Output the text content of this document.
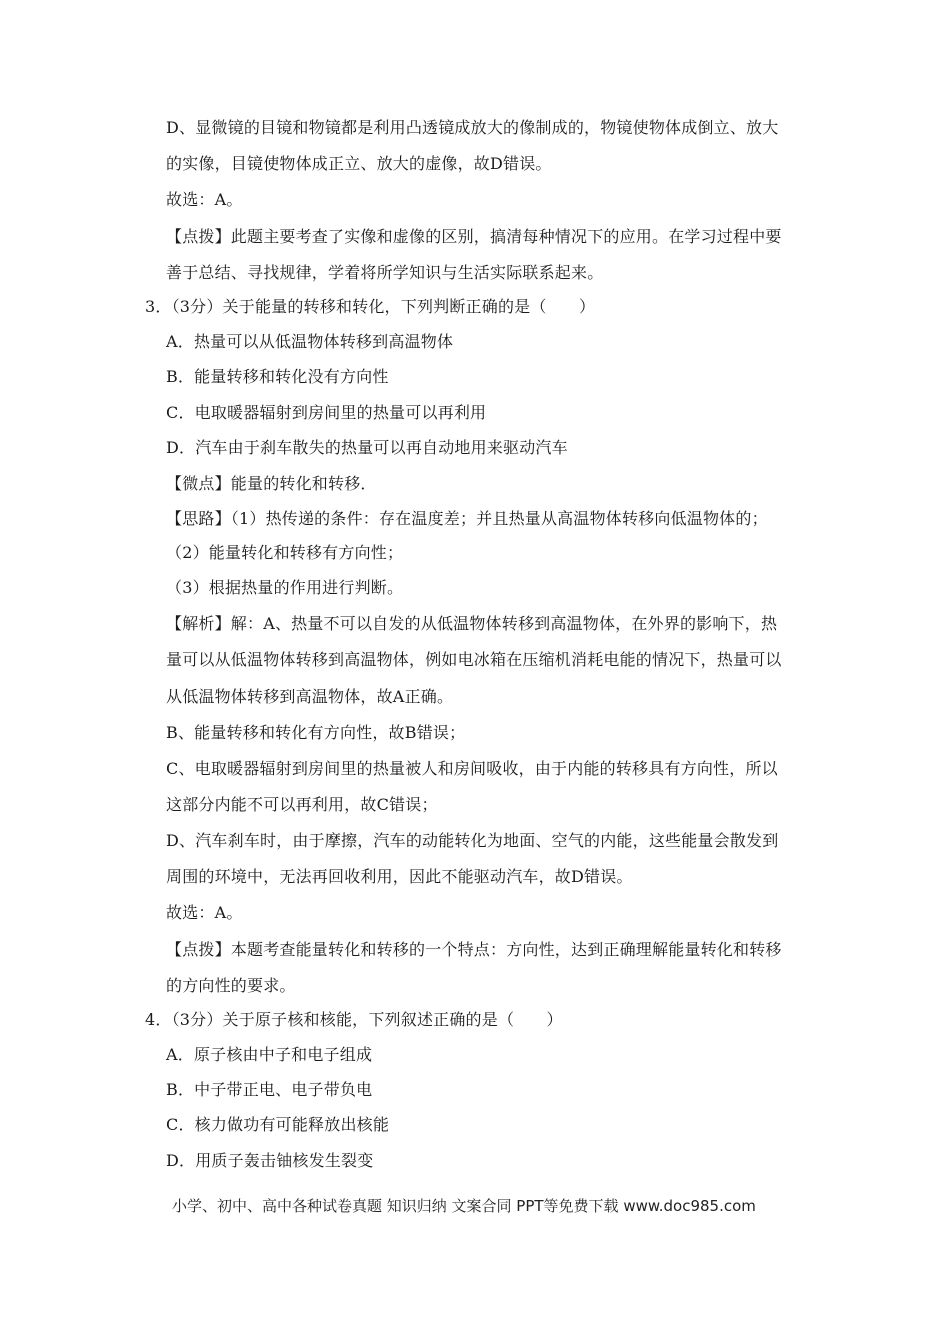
D、显微镜的目镜和物镜都是利用凸透镜成放大的像制成的，物镜使物体成倒立、放大
的实像，目镜使物体成正立、放大的虚像，故D错误。
故选：A。
【点拨】此题主要考查了实像和虚像的区别，搞清每种情况下的应用。在学习过程中要
善于总结、寻找规律，学着将所学知识与生活实际联系起来。
3．（3分）关于能量的转移和转化，下列判断正确的是（　　）
A．热量可以从低温物体转移到高温物体
B．能量转移和转化没有方向性
C．电取暖器辐射到房间里的热量可以再利用
D．汽车由于刹车散失的热量可以再自动地用来驱动汽车
【微点】能量的转化和转移．
【思路】（1）热传递的条件：存在温度差；并且热量从高温物体转移向低温物体的；
（2）能量转化和转移有方向性；
（3）根据热量的作用进行判断。
【解析】解：A、热量不可以自发的从低温物体转移到高温物体，在外界的影响下，热
量可以从低温物体转移到高温物体，例如电冰箱在压缩机消耗电能的情况下，热量可以
从低温物体转移到高温物体，故A正确。
B、能量转移和转化有方向性，故B错误；
C、电取暖器辐射到房间里的热量被人和房间吸收，由于内能的转移具有方向性，所以
这部分内能不可以再利用，故C错误；
D、汽车刹车时，由于摩擦，汽车的动能转化为地面、空气的内能，这些能量会散发到
周围的环境中，无法再回收利用，因此不能驱动汽车，故D错误。
故选：A。
【点拨】本题考查能量转化和转移的一个特点：方向性，达到正确理解能量转化和转移
的方向性的要求。
4．（3分）关于原子核和核能，下列叙述正确的是（　　）
A．原子核由中子和电子组成
B．中子带正电、电子带负电
C．核力做功有可能释放出核能
D．用质子轰击铀核发生裂变
小学、初中、高中各种试卷真题 知识归纳 文案合同 PPT等免费下载 www.doc985.com
